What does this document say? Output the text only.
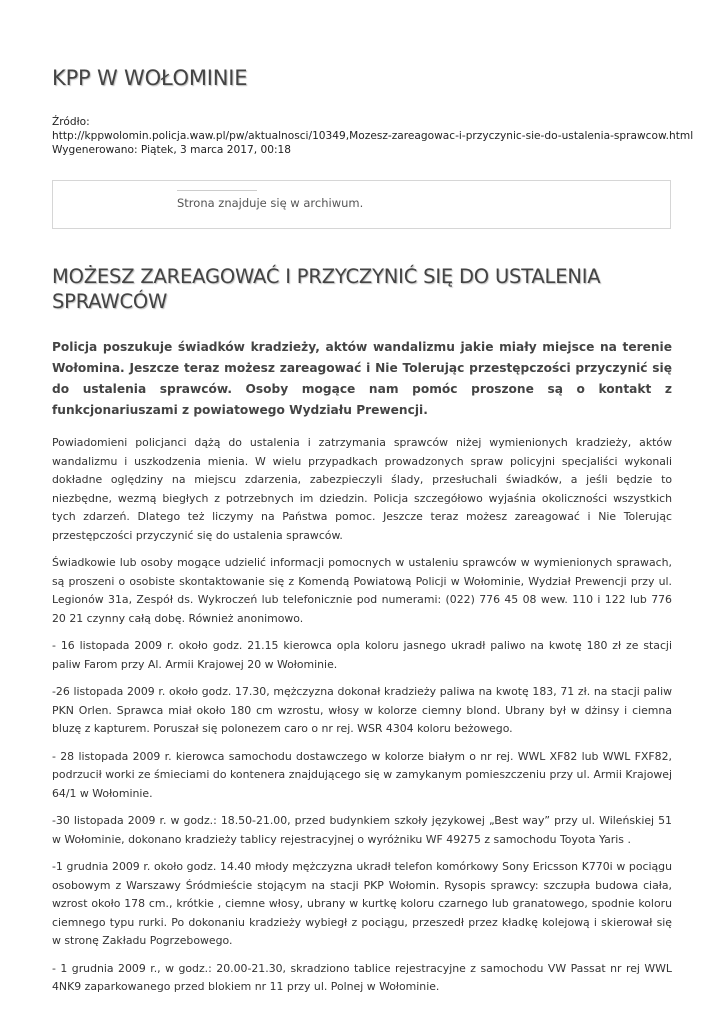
KPP W WOŁOMINIE
Źródło:
http://kppwolomin.policja.waw.pl/pw/aktualnosci/10349,Mozesz-zareagowac-i-przyczynic-sie-do-ustalenia-sprawcow.html
Wygenerowano: Piątek, 3 marca 2017, 00:18
Strona znajduje się w archiwum.
MOŻESZ ZAREAGOWAĆ I PRZYCZYNIĆ SIĘ DO USTALENIA SPRAWCÓW

Policja poszukuje świadków kradzieży, aktów wandalizmu jakie miały miejsce na terenie Wołomina. Jeszcze teraz możesz zareagować i Nie Tolerując przestępczości przyczynić się do ustalenia sprawców. Osoby mogące nam pomóc proszone są o kontakt z funkcjonariuszami z powiatowego Wydziału Prewencji.

Powiadomieni policjanci dążą do ustalenia i zatrzymania sprawców niżej wymienionych kradzieży, aktów wandalizmu i uszkodzenia mienia. W wielu przypadkach prowadzonych spraw policyjni specjaliści wykonali dokładne oględziny na miejscu zdarzenia, zabezpieczyli ślady, przesłuchali świadków, a jeśli będzie to niezbędne, wezmą biegłych z potrzebnych im dziedzin. Policja szczegółowo wyjaśnia okoliczności wszystkich tych zdarzeń. Dlatego też liczymy na Państwa pomoc. Jeszcze teraz możesz zareagować i Nie Tolerując przestępczości przyczynić się do ustalenia sprawców.

Świadkowie lub osoby mogące udzielić informacji pomocnych w ustaleniu sprawców w wymienionych sprawach, są proszeni o osobiste skontaktowanie się z Komendą Powiatową Policji w Wołominie, Wydział Prewencji przy ul. Legionów 31a, Zespół ds. Wykroczeń lub telefonicznie pod numerami: (022) 776 45 08 wew. 110 i 122 lub 776 20 21 czynny całą dobę. Również anonimowo.

- 16 listopada 2009 r. około godz. 21.15 kierowca opla koloru jasnego ukradł paliwo na kwotę 180 zł ze stacji paliw Farom przy Al. Armii Krajowej 20 w Wołominie.

-26 listopada 2009 r. około godz. 17.30, mężczyzna dokonał kradzieży paliwa na kwotę 183, 71 zł. na stacji paliw PKN Orlen. Sprawca miał około 180 cm wzrostu, włosy w kolorze ciemny blond. Ubrany był w dżinsy i ciemna bluzę z kapturem. Poruszał się polonezem caro o nr rej. WSR 4304 koloru beżowego.

- 28 listopada 2009 r. kierowca samochodu dostawczego w kolorze białym o nr rej. WWL XF82 lub WWL FXF82, podrzucił worki ze śmieciami do kontenera znajdującego się w zamykanym pomieszczeniu przy ul. Armii Krajowej 64/1 w Wołominie.

-30 listopada 2009 r. w godz.: 18.50-21.00, przed budynkiem szkoły językowej „Best way” przy ul. Wileńskiej 51 w Wołominie, dokonano kradzieży tablicy rejestracyjnej o wyróżniku WF 49275 z samochodu Toyota Yaris .

-1 grudnia 2009 r. około godz. 14.40 młody mężczyzna ukradł telefon komórkowy Sony Ericsson K770i w pociągu osobowym z Warszawy Śródmieście stojącym na stacji PKP Wołomin. Rysopis sprawcy: szczupła budowa ciała, wzrost około 178 cm., krótkie , ciemne włosy, ubrany w kurtkę koloru czarnego lub granatowego, spodnie koloru ciemnego typu rurki. Po dokonaniu kradzieży wybiegł z pociągu, przeszedł przez kładkę kolejową i skierował się w stronę Zakładu Pogrzebowego.

- 1 grudnia 2009 r., w godz.: 20.00-21.30, skradziono tablice rejestracyjne z samochodu VW Passat nr rej WWL 4NK9 zaparkowanego przed blokiem nr 11 przy ul. Polnej w Wołominie.
